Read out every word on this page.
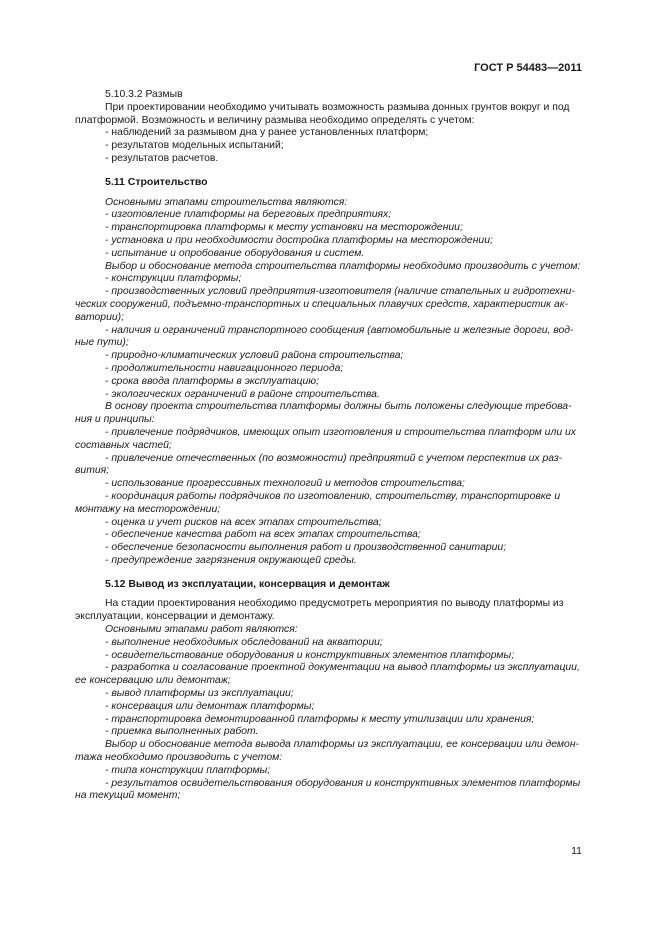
ГОСТ Р 54483—2011

5.10.3.2 Размыв

При проектировании необходимо учитывать возможность размыва донных грунтов вокруг и под

платформой. Возможность и величину размыва необходимо определять с учетом:

- наблюдений за размывом дна у ранее установленных платформ;

- результатов модельных испытаний;

- результатов расчетов.

5.11 Строительство

Основными этапами строительства являются:

- изготовление платформы на береговых предприятиях;

- транспортировка платформы к месту установки на месторождении;

- установка и при необходимости достройка платформы на месторождении;

- испытание и опробование оборудования и систем.

Выбор и обоснование метода строительства платформы необходимо производить с учетом:

- конструкции платформы;

- производственных условий предприятия-изготовителя (наличие стапельных и гидротехни-

ческих сооружений, подъемно-транспортных и специальных плавучих средств, характеристик ак-

ватории);

- наличия и ограничений транспортного сообщения (автомобильные и железные дороги, вод-

ные пути);

- природно-климатических условий района строительства;

- продолжительности навигационного периода;

- срока ввода платформы в эксплуатацию;

- экологических ограничений в районе строительства.

В основу проекта строительства платформы должны быть положены следующие требова-

ния и принципы:

- привлечение подрядчиков, имеющих опыт изготовления и строительства платформ или их

составных частей;

- привлечение отечественных (по возможности) предприятий с учетом перспектив их раз-

вития;

- использование прогрессивных технологий и методов строительства;

- координация работы подрядчиков по изготовлению, строительству, транспортировке и

монтажу на месторождении;

- оценка и учет рисков на всех этапах строительства;

- обеспечение качества работ на всех этапах строительства;

- обеспечение безопасности выполнения работ и производственной санитарии;

- предупреждение загрязнения окружающей среды.

5.12 Вывод из эксплуатации, консервация и демонтаж

На стадии проектирования необходимо предусмотреть мероприятия по выводу платформы из

эксплуатации, консервации и демонтажу.

Основными этапами работ являются:

- выполнение необходимых обследований на акватории;

- освидетельствование оборудования и конструктивных элементов платформы;

- разработка и согласование проектной документации на вывод платформы из эксплуатации,

ее консервацию или демонтаж;

- вывод платформы из эксплуатации;

- консервация или демонтаж платформы;

- транспортировка демонтированной платформы к месту утилизации или хранения;

- приемка выполненных работ.

Выбор и обоснование метода вывода платформы из эксплуатации, ее консервации или демон-

тажа необходимо производить с учетом:

- типа конструкции платформы;

- результатов освидетельствования оборудования и конструктивных элементов платформы

на текущий момент;

11
